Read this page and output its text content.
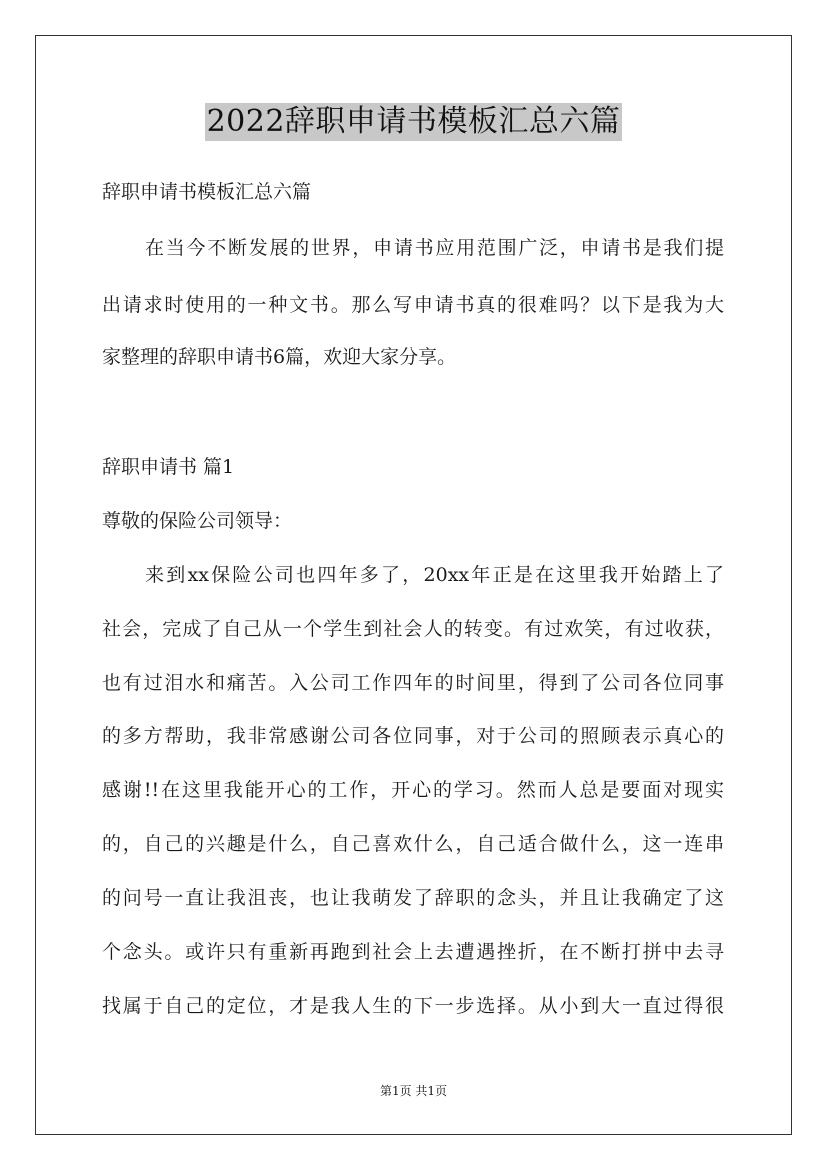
2022辞职申请书模板汇总六篇
辞职申请书模板汇总六篇
在当今不断发展的世界，申请书应用范围广泛，申请书是我们提
出请求时使用的一种文书。那么写申请书真的很难吗？以下是我为大
家整理的辞职申请书6篇，欢迎大家分享。
辞职申请书 篇1
尊敬的保险公司领导：
来到xx保险公司也四年多了，20xx年正是在这里我开始踏上了
社会，完成了自己从一个学生到社会人的转变。有过欢笑，有过收获，
也有过泪水和痛苦。入公司工作四年的时间里，得到了公司各位同事
的多方帮助，我非常感谢公司各位同事，对于公司的照顾表示真心的
感谢!!在这里我能开心的工作，开心的学习。然而人总是要面对现实
的，自己的兴趣是什么，自己喜欢什么，自己适合做什么，这一连串
的问号一直让我沮丧，也让我萌发了辞职的念头，并且让我确定了这
个念头。或许只有重新再跑到社会上去遭遇挫折，在不断打拼中去寻
找属于自己的定位，才是我人生的下一步选择。从小到大一直过得很
第1页 共1页
